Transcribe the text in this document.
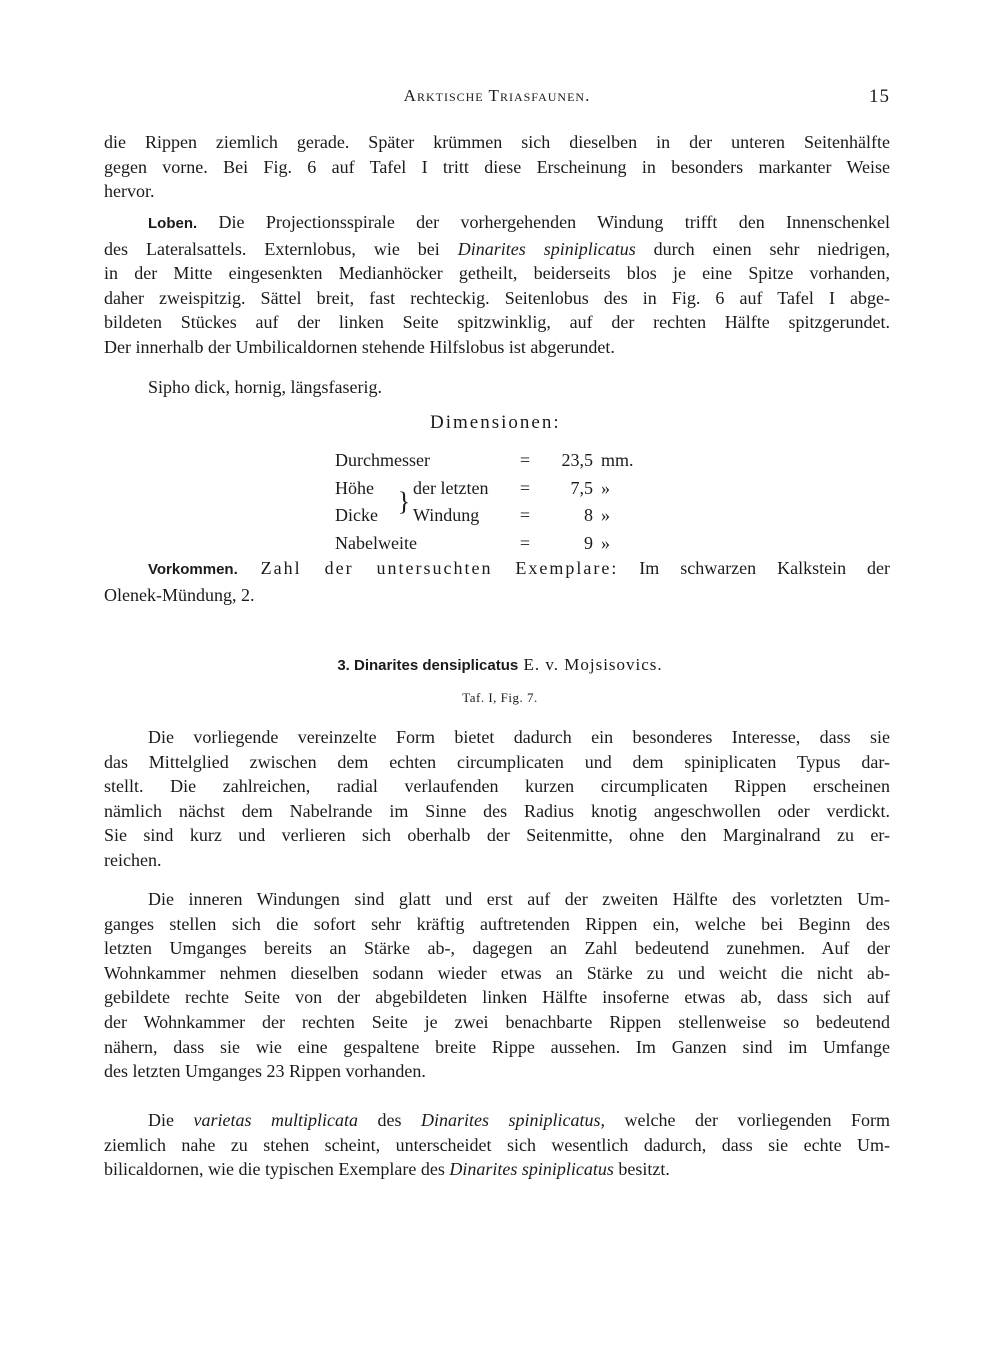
Arktische Triasfaunen.	15
die Rippen ziemlich gerade. Später krümmen sich dieselben in der unteren Seitenhälfte
gegen vorne. Bei Fig. 6 auf Tafel I tritt diese Erscheinung in besonders markanter Weise
hervor.
Loben. Die Projectionsspirale der vorhergehenden Windung trifft den Innenschenkel
des Lateralsattels. Externlobus, wie bei Dinarites spiniplicatus durch einen sehr niedrigen,
in der Mitte eingesenkten Medianhöcker getheilt, beiderseits blos je eine Spitze vorhanden,
daher zweispitzig. Sättel breit, fast rechteckig. Seitenlobus des in Fig. 6 auf Tafel I abge-
bildeten Stückes auf der linken Seite spitzwinklig, auf der rechten Hälfte spitzgerundet.
Der innerhalb der Umbilicaldornen stehende Hilfslobus ist abgerundet.
Sipho dick, hornig, längsfaserig.
Dimensionen:
Durchmesser			=	23,5	mm.
Höhe	}	der letzten	=	7,5	»
Dicke		Windung	=	8	»
Nabelweite			=	9	»
Vorkommen. Zahl der untersuchten Exemplare: Im schwarzen Kalkstein der
Olenek-Mündung, 2.
3. Dinarites densiplicatus E. v. Mojsisovics.
Taf. I, Fig. 7.
Die vorliegende vereinzelte Form bietet dadurch ein besonderes Interesse, dass sie
das Mittelglied zwischen dem echten circumplicaten und dem spiniplicaten Typus dar-
stellt. Die zahlreichen, radial verlaufenden kurzen circumplicaten Rippen erscheinen
nämlich nächst dem Nabelrande im Sinne des Radius knotig angeschwollen oder verdickt.
Sie sind kurz und verlieren sich oberhalb der Seitenmitte, ohne den Marginalrand zu er-
reichen.
Die inneren Windungen sind glatt und erst auf der zweiten Hälfte des vorletzten Um-
ganges stellen sich die sofort sehr kräftig auftretenden Rippen ein, welche bei Beginn des
letzten Umganges bereits an Stärke ab-, dagegen an Zahl bedeutend zunehmen. Auf der
Wohnkammer nehmen dieselben sodann wieder etwas an Stärke zu und weicht die nicht ab-
gebildete rechte Seite von der abgebildeten linken Hälfte insoferne etwas ab, dass sich auf
der Wohnkammer der rechten Seite je zwei benachbarte Rippen stellenweise so bedeutend
nähern, dass sie wie eine gespaltene breite Rippe aussehen. Im Ganzen sind im Umfange
des letzten Umganges 23 Rippen vorhanden.
Die varietas multiplicata des Dinarites spiniplicatus, welche der vorliegenden Form
ziemlich nahe zu stehen scheint, unterscheidet sich wesentlich dadurch, dass sie echte Um-
bilicaldornen, wie die typischen Exemplare des Dinarites spiniplicatus besitzt.
